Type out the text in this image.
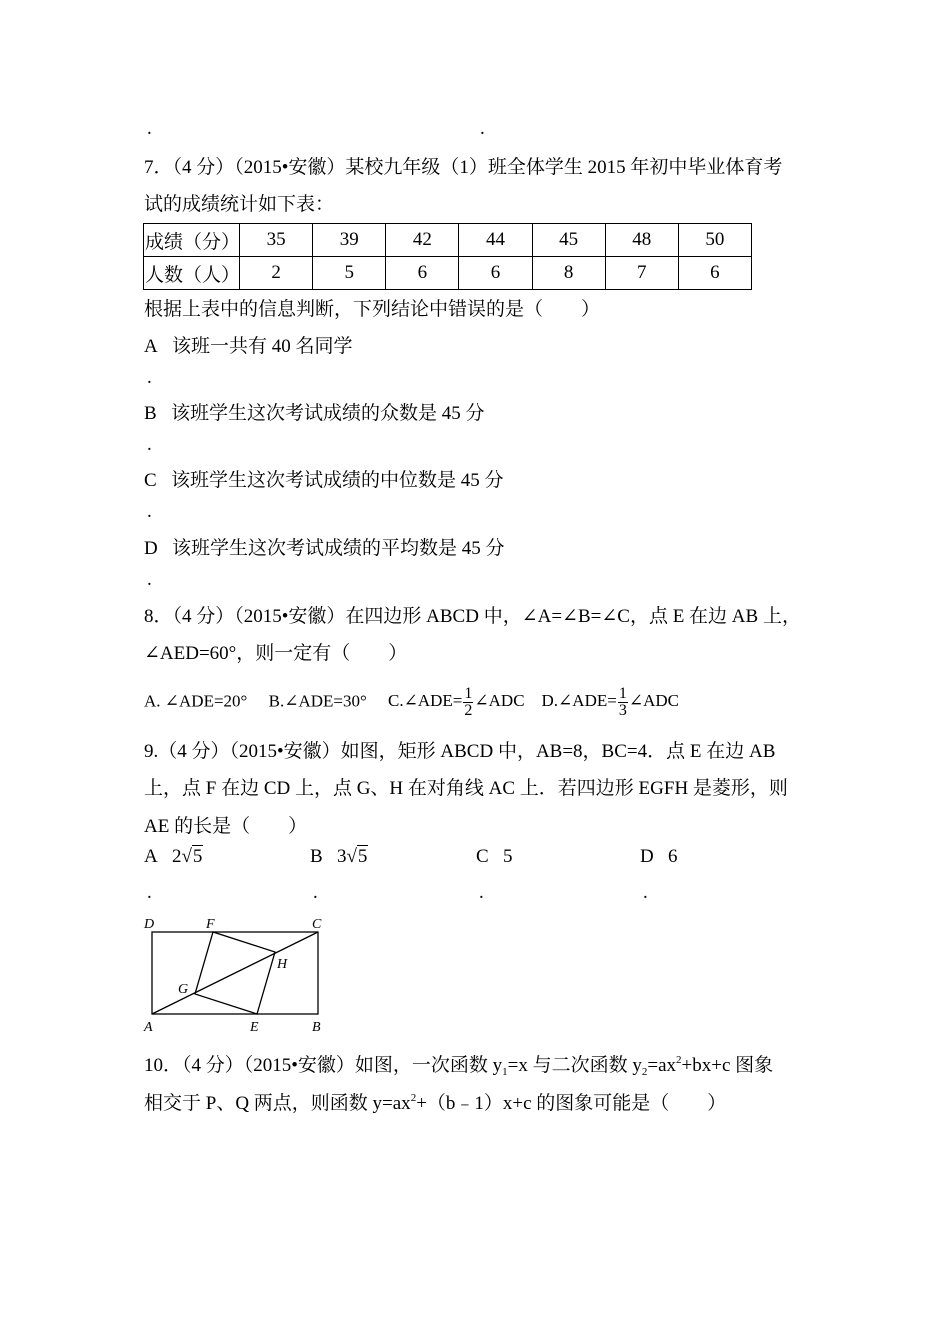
.	.
7．（4 分）（2015•安徽）某校九年级（1）班全体学生 2015 年初中毕业体育考
试的成绩统计如下表：
成绩（分）	35	39	42	44	45	48	50
人数（人）	2	5	6	6	8	7	6
根据上表中的信息判断，下列结论中错误的是（　　）
A 该班一共有 40 名同学
.
B 该班学生这次考试成绩的众数是 45 分
.
C 该班学生这次考试成绩的中位数是 45 分
.
D 该班学生这次考试成绩的平均数是 45 分
.
8．（4 分）（2015•安徽）在四边形 ABCD 中，∠A=∠B=∠C，点 E 在边 AB 上，
∠AED=60°，则一定有（　　）
A. ∠ADE=20° B.∠ADE=30° C.∠ADE= $\frac{1}{2}$ ∠ADC D.∠ADE= $\frac{1}{3}$ ∠ADC
9.（4 分）（2015•安徽）如图，矩形 ABCD 中，AB=8，BC=4．点 E 在边 AB
上，点 F 在边 CD 上，点 G、H 在对角线 AC 上．若四边形 EGFH 是菱形，则
AE 的长是（　　）
A 2√5	B 3√5	C 5	D 6
.	.	.	.
D	F	C
H
G
A	E	B
10．（4 分）（2015•安徽）如图，一次函数 $y_1=x$ 与二次函数 $y_2=ax^2+bx+c$ 图象
相交于 P、Q 两点，则函数 $y=ax^2+(b﹣1)x+c$ 的图象可能是（　　）
